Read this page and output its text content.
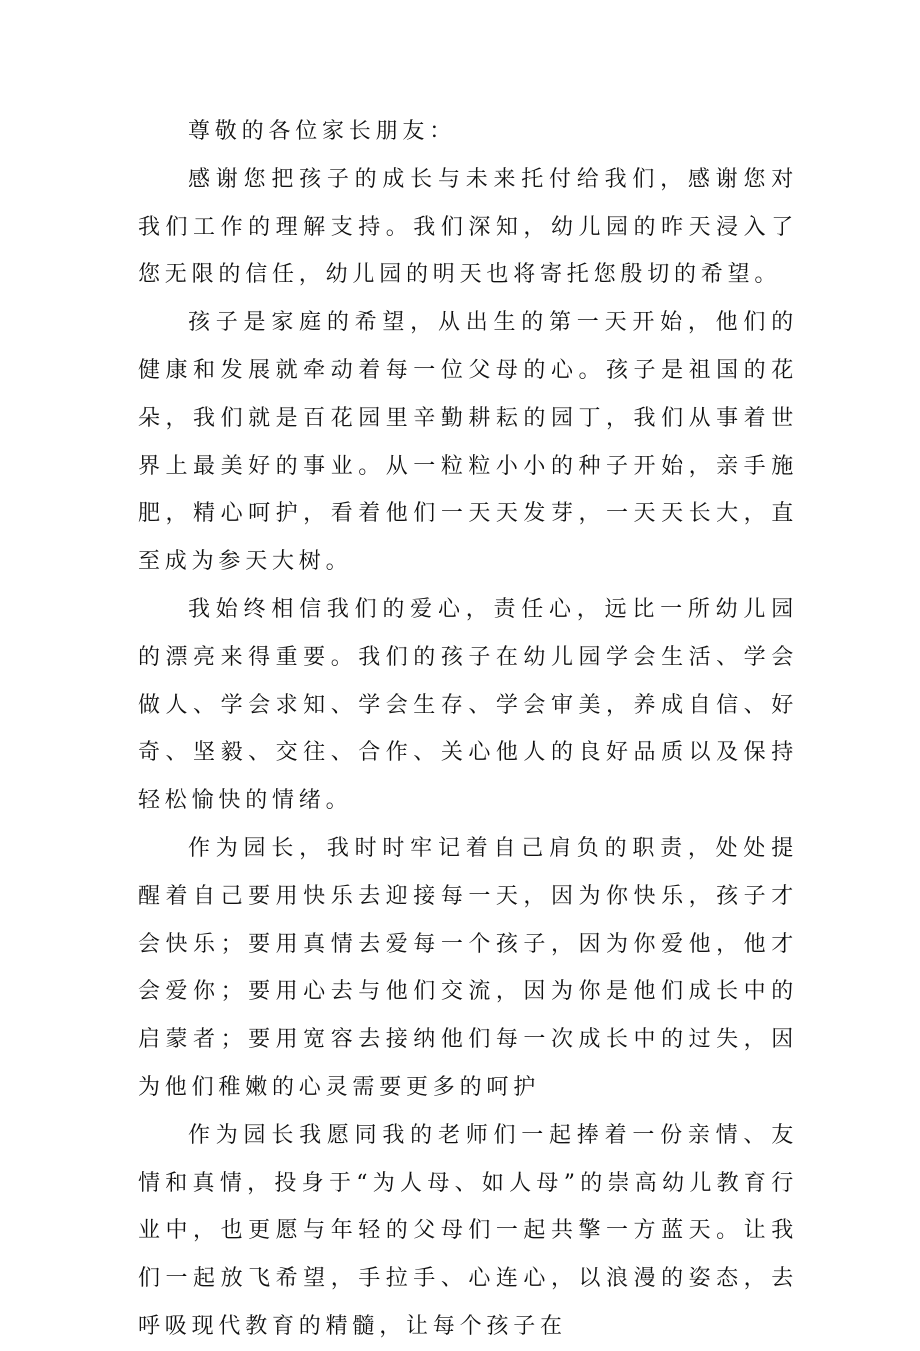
尊敬的各位家长朋友：

感谢您把孩子的成长与未来托付给我们，感谢您对我们工作的理解支持。我们深知，幼儿园的昨天浸入了您无限的信任，幼儿园的明天也将寄托您殷切的希望。

孩子是家庭的希望，从出生的第一天开始，他们的健康和发展就牵动着每一位父母的心。孩子是祖国的花朵，我们就是百花园里辛勤耕耘的园丁，我们从事着世界上最美好的事业。从一粒粒小小的种子开始，亲手施肥，精心呵护，看着他们一天天发芽，一天天长大，直至成为参天大树。

我始终相信我们的爱心，责任心，远比一所幼儿园的漂亮来得重要。我们的孩子在幼儿园学会生活、学会做人、学会求知、学会生存、学会审美，养成自信、好奇、坚毅、交往、合作、关心他人的良好品质以及保持轻松愉快的情绪。

作为园长，我时时牢记着自己肩负的职责，处处提醒着自己要用快乐去迎接每一天，因为你快乐，孩子才会快乐；要用真情去爱每一个孩子，因为你爱他，他才会爱你；要用心去与他们交流，因为你是他们成长中的启蒙者；要用宽容去接纳他们每一次成长中的过失，因为他们稚嫩的心灵需要更多的呵护

作为园长我愿同我的老师们一起捧着一份亲情、友情和真情，投身于“为人母、如人母”的崇高幼儿教育行业中，也更愿与年轻的父母们一起共擎一方蓝天。让我们一起放飞希望，手拉手、心连心，以浪漫的姿态，去呼吸现代教育的精髓，让每个孩子在
